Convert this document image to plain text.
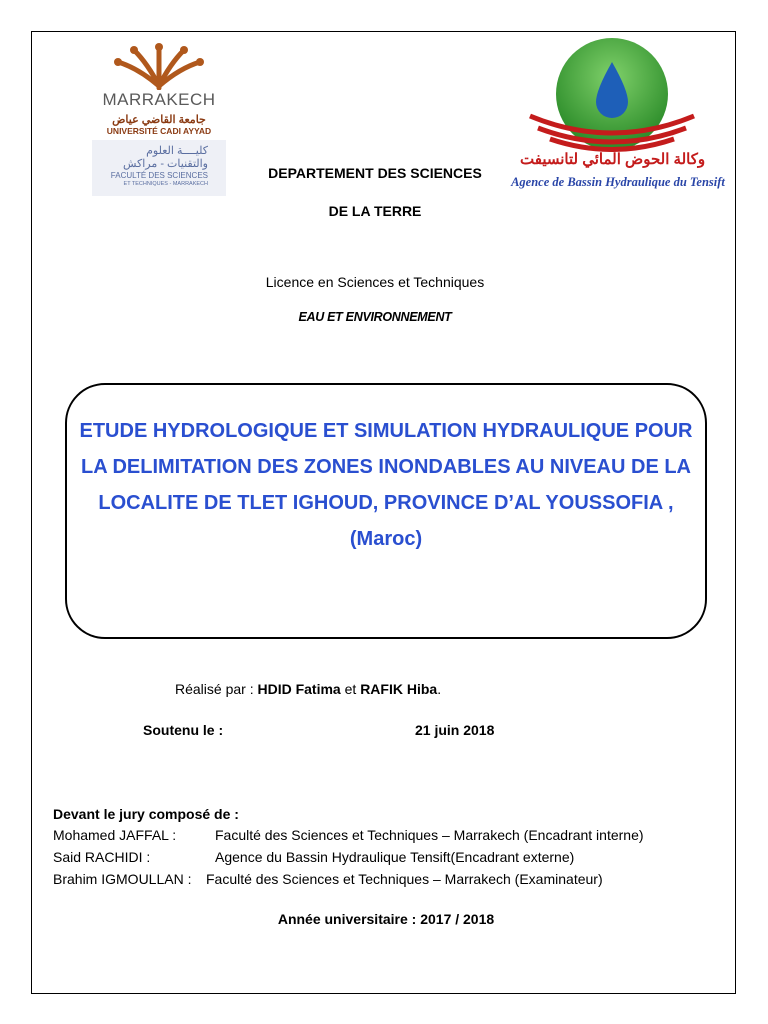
MARRAKECH
جامعة القاضي عياض
UNIVERSITÉ CADI AYYAD
كليــــة العلوم
والتقنيات - مراكش
FACULTÉ DES SCIENCES
ET TECHNIQUES - MARRAKECH
وكالة الحوض المائي لتانسيفت
Agence de Bassin Hydraulique du Tensift
DEPARTEMENT DES SCIENCES
DE LA TERRE
Licence en Sciences et Techniques
EAU ET ENVIRONNEMENT
ETUDE HYDROLOGIQUE ET SIMULATION HYDRAULIQUE POUR LA DELIMITATION DES ZONES INONDABLES AU NIVEAU DE LA LOCALITE DE TLET IGHOUD, PROVINCE D’AL YOUSSOFIA ,(Maroc)
Réalisé par : HDID Fatima et RAFIK Hiba.
Soutenu le :	21 juin 2018
Devant le jury composé de :
Mohamed JAFFAL :	Faculté des Sciences et Techniques – Marrakech (Encadrant interne)
Said RACHIDI :	Agence du Bassin Hydraulique Tensift(Encadrant externe)
Brahim IGMOULLAN : Faculté des Sciences et Techniques – Marrakech (Examinateur)
Année universitaire : 2017 / 2018
